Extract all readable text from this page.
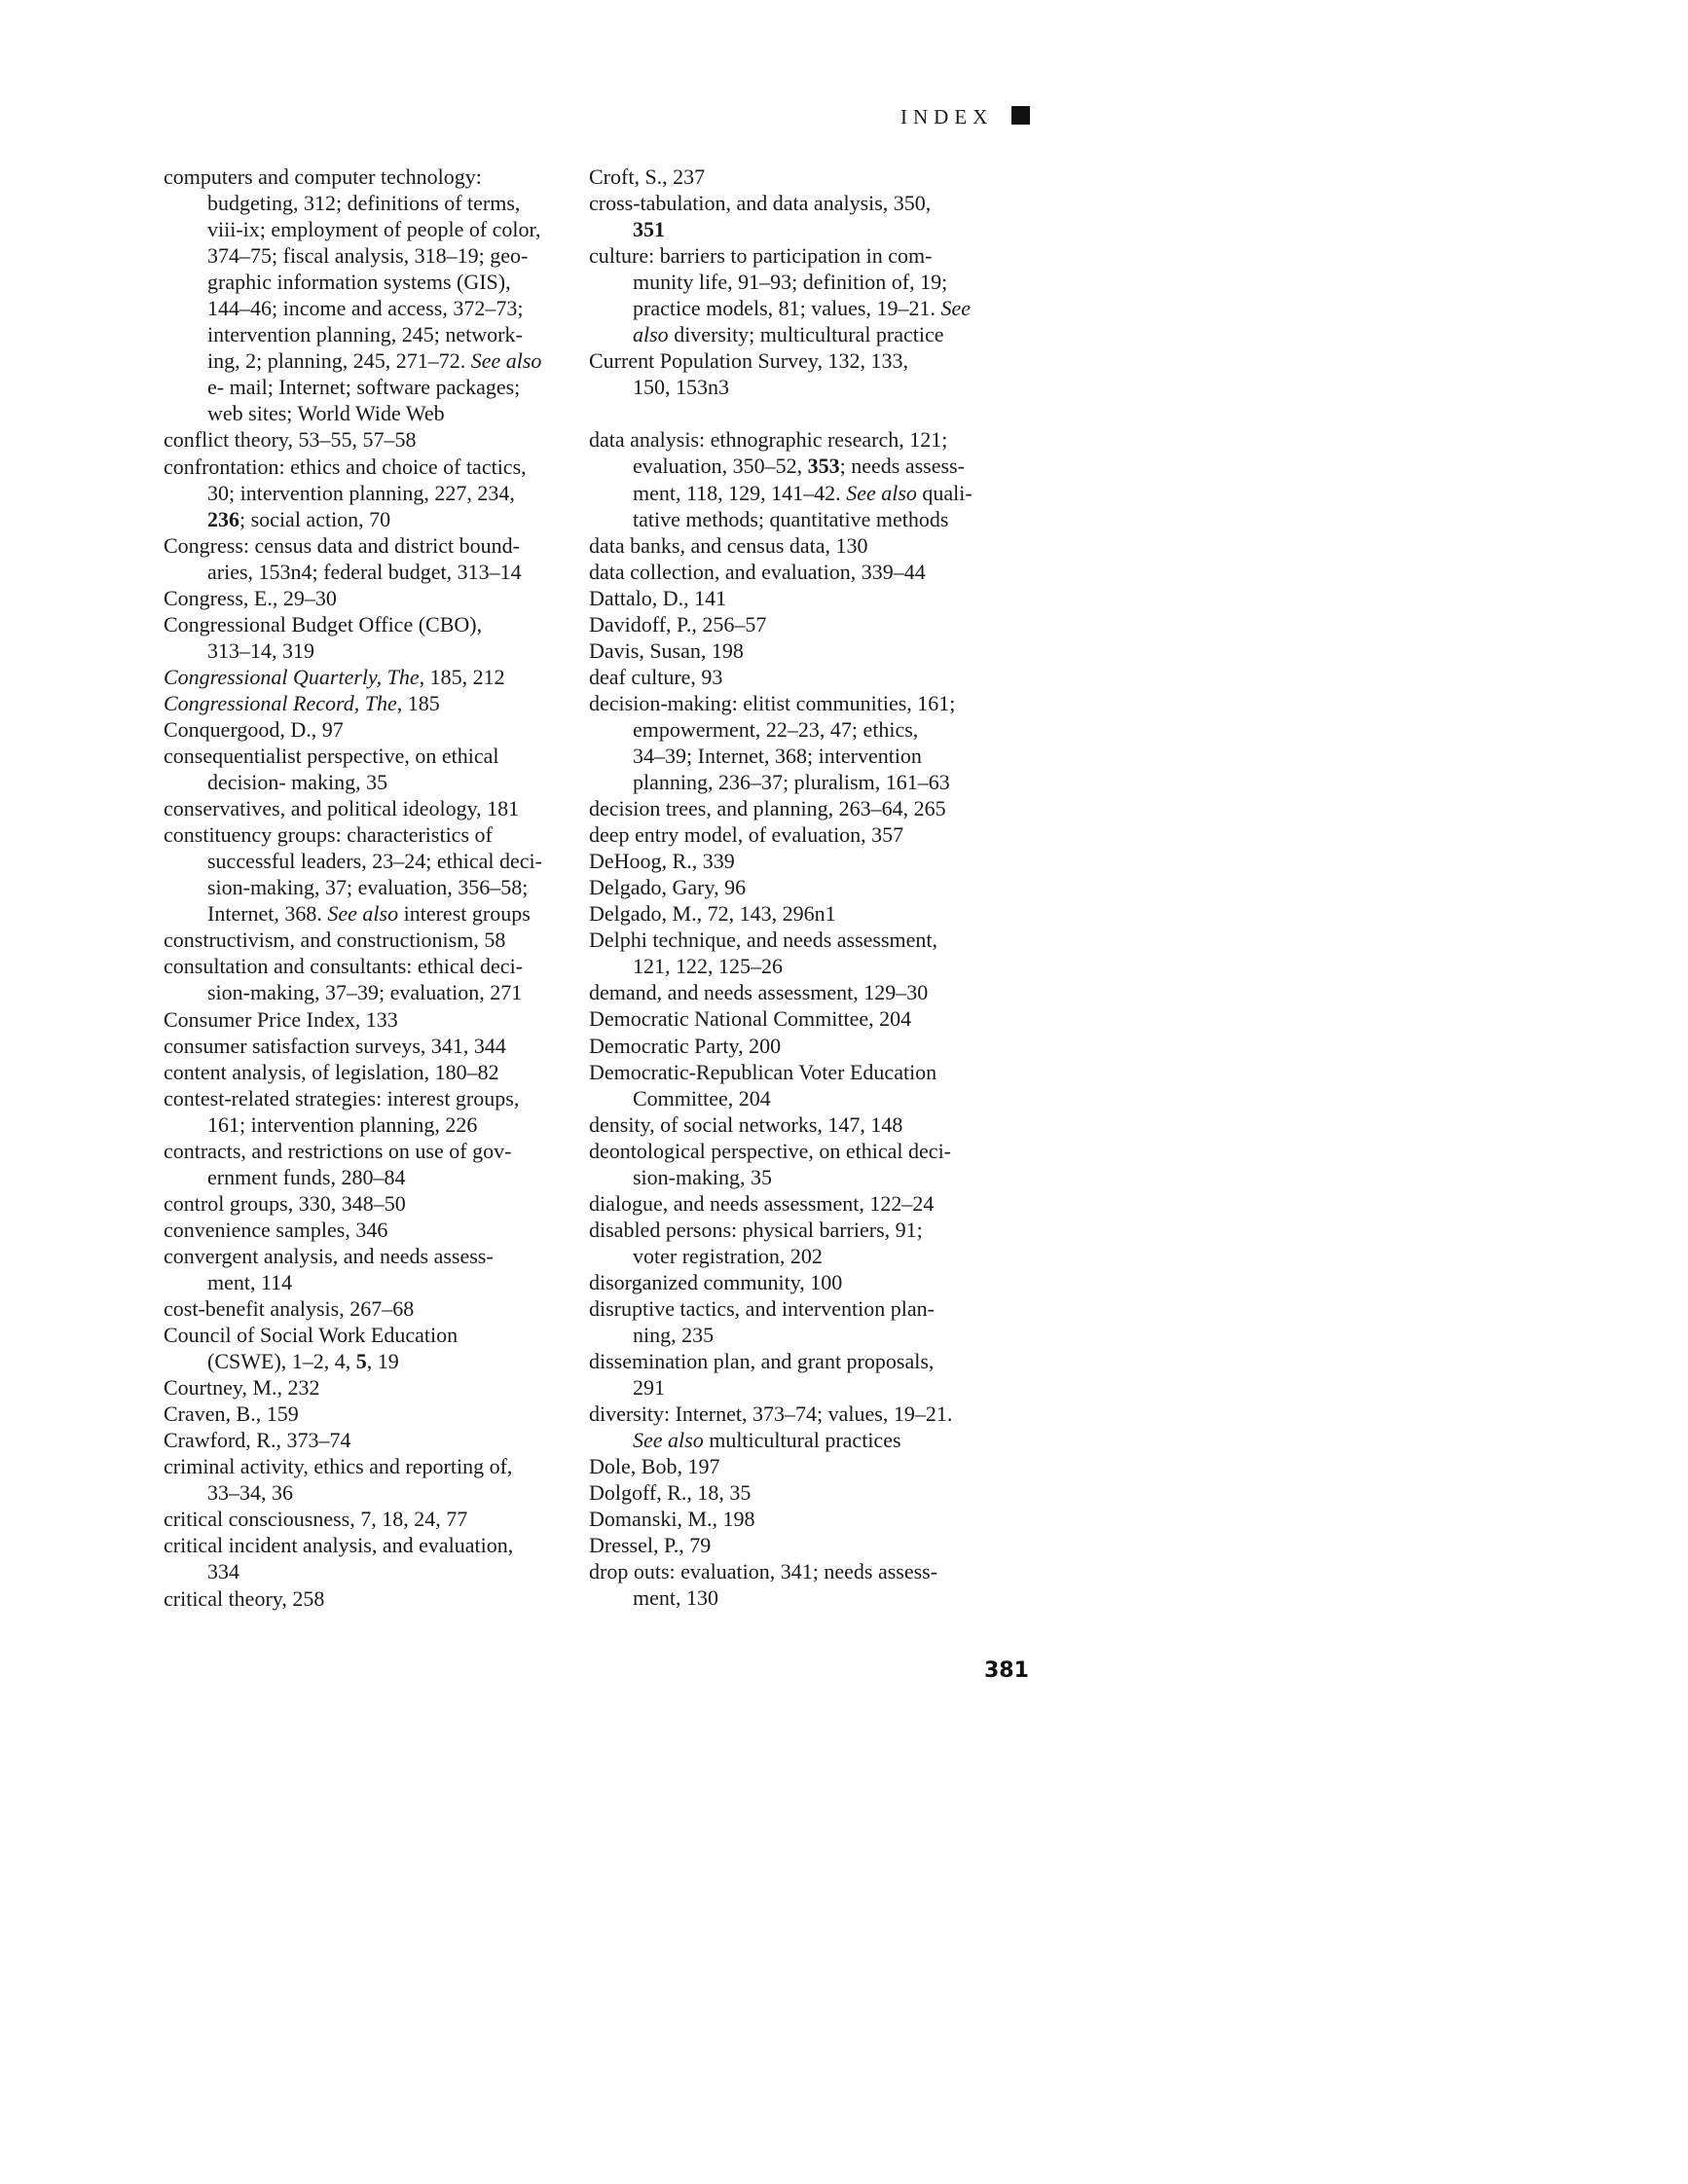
INDEX
computers and computer technology:
budgeting, 312; definitions of terms,
viii-ix; employment of people of color,
374–75; fiscal analysis, 318–19; geo-
graphic information systems (GIS),
144–46; income and access, 372–73;
intervention planning, 245; network-
ing, 2; planning, 245, 271–72. See also
e- mail; Internet; software packages;
web sites; World Wide Web
conflict theory, 53–55, 57–58
confrontation: ethics and choice of tactics,
30; intervention planning, 227, 234,
236; social action, 70
Congress: census data and district bound-
aries, 153n4; federal budget, 313–14
Congress, E., 29–30
Congressional Budget Office (CBO),
313–14, 319
Congressional Quarterly, The, 185, 212
Congressional Record, The, 185
Conquergood, D., 97
consequentialist perspective, on ethical
decision- making, 35
conservatives, and political ideology, 181
constituency groups: characteristics of
successful leaders, 23–24; ethical deci-
sion-making, 37; evaluation, 356–58;
Internet, 368. See also interest groups
constructivism, and constructionism, 58
consultation and consultants: ethical deci-
sion-making, 37–39; evaluation, 271
Consumer Price Index, 133
consumer satisfaction surveys, 341, 344
content analysis, of legislation, 180–82
contest-related strategies: interest groups,
161; intervention planning, 226
contracts, and restrictions on use of gov-
ernment funds, 280–84
control groups, 330, 348–50
convenience samples, 346
convergent analysis, and needs assess-
ment, 114
cost-benefit analysis, 267–68
Council of Social Work Education
(CSWE), 1–2, 4, 5, 19
Courtney, M., 232
Craven, B., 159
Crawford, R., 373–74
criminal activity, ethics and reporting of,
33–34, 36
critical consciousness, 7, 18, 24, 77
critical incident analysis, and evaluation,
334
critical theory, 258
Croft, S., 237
cross-tabulation, and data analysis, 350,
351
culture: barriers to participation in com-
munity life, 91–93; definition of, 19;
practice models, 81; values, 19–21. See
also diversity; multicultural practice
Current Population Survey, 132, 133,
150, 153n3
data analysis: ethnographic research, 121;
evaluation, 350–52, 353; needs assess-
ment, 118, 129, 141–42. See also quali-
tative methods; quantitative methods
data banks, and census data, 130
data collection, and evaluation, 339–44
Dattalo, D., 141
Davidoff, P., 256–57
Davis, Susan, 198
deaf culture, 93
decision-making: elitist communities, 161;
empowerment, 22–23, 47; ethics,
34–39; Internet, 368; intervention
planning, 236–37; pluralism, 161–63
decision trees, and planning, 263–64, 265
deep entry model, of evaluation, 357
DeHoog, R., 339
Delgado, Gary, 96
Delgado, M., 72, 143, 296n1
Delphi technique, and needs assessment,
121, 122, 125–26
demand, and needs assessment, 129–30
Democratic National Committee, 204
Democratic Party, 200
Democratic-Republican Voter Education
Committee, 204
density, of social networks, 147, 148
deontological perspective, on ethical deci-
sion-making, 35
dialogue, and needs assessment, 122–24
disabled persons: physical barriers, 91;
voter registration, 202
disorganized community, 100
disruptive tactics, and intervention plan-
ning, 235
dissemination plan, and grant proposals,
291
diversity: Internet, 373–74; values, 19–21.
See also multicultural practices
Dole, Bob, 197
Dolgoff, R., 18, 35
Domanski, M., 198
Dressel, P., 79
drop outs: evaluation, 341; needs assess-
ment, 130
381
